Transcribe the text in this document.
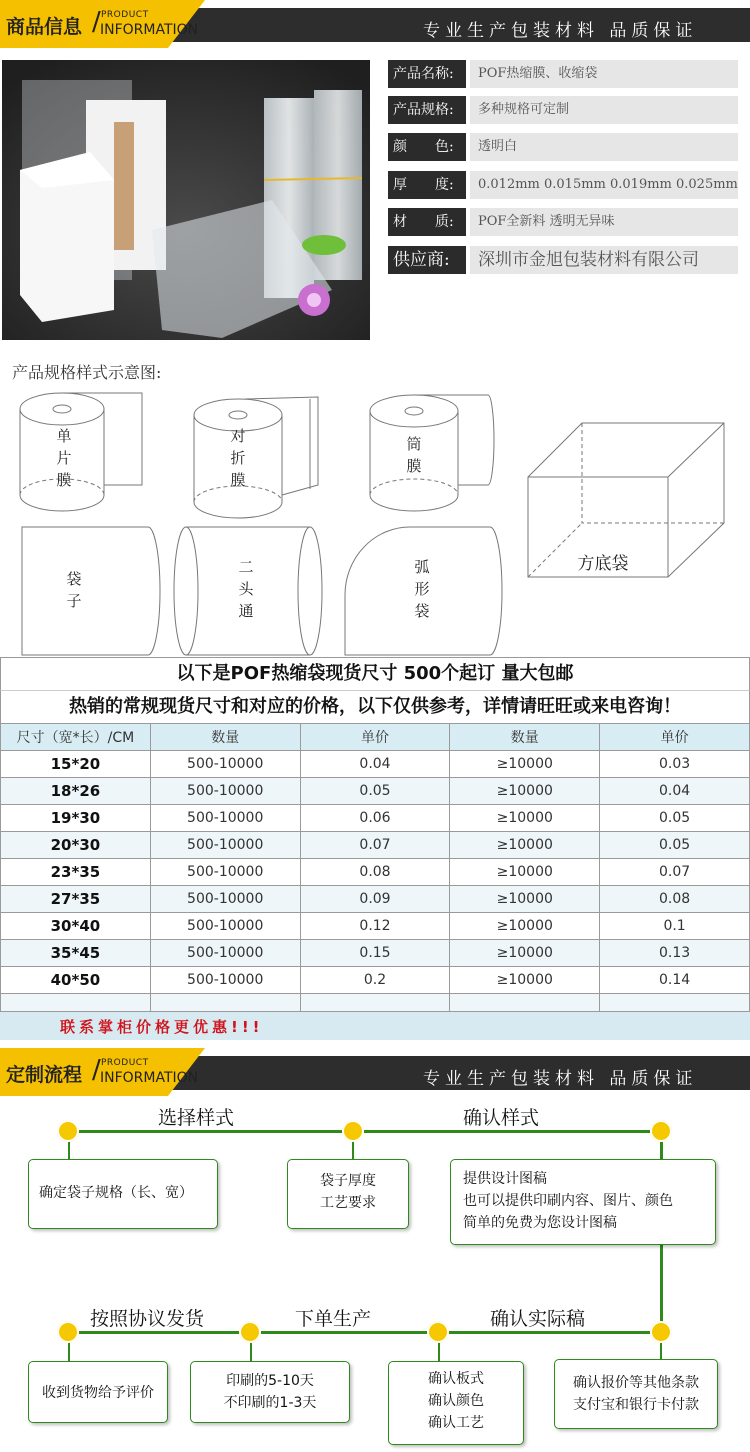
商品信息 / PRODUCT
INFORMATION	专业生产包装材料 品质保证
产品名称:	POF热缩膜、收缩袋
产品规格:	多种规格可定制
颜　　色:	透明白
厚　　度:	0.012mm 0.015mm 0.019mm 0.025mm
材　　质:	POF全新料 透明无异味
供应商:	深圳市金旭包装材料有限公司
产品规格样式示意图:
单
片
膜
对
折
膜
筒
膜
袋
子
二
头
通
弧
形
袋
方底袋
以下是POF热缩袋现货尺寸 500个起订 量大包邮
热销的常规现货尺寸和对应的价格，以下仅供参考，详情请旺旺或来电咨询！
尺寸（宽*长）/CM	数量	单价	数量	单价
15*20	500-10000	0.04	≥10000	0.03
18*26	500-10000	0.05	≥10000	0.04
19*30	500-10000	0.06	≥10000	0.05
20*30	500-10000	0.07	≥10000	0.05
23*35	500-10000	0.08	≥10000	0.07
27*35	500-10000	0.09	≥10000	0.08
30*40	500-10000	0.12	≥10000	0.1
35*45	500-10000	0.15	≥10000	0.13
40*50	500-10000	0.2	≥10000	0.14

联系掌柜价格更优惠!!!
定制流程 / PRODUCT
INFORMATION	专业生产包装材料 品质保证
选择样式	确认样式
按照协议发货	下单生产	确认实际稿
确定袋子规格（长、宽）
袋子厚度
工艺要求
提供设计图稿
也可以提供印刷内容、图片、颜色
简单的免费为您设计图稿
收到货物给予评价
印刷的5-10天
不印刷的1-3天
确认板式
确认颜色
确认工艺
确认报价等其他条款
支付宝和银行卡付款
